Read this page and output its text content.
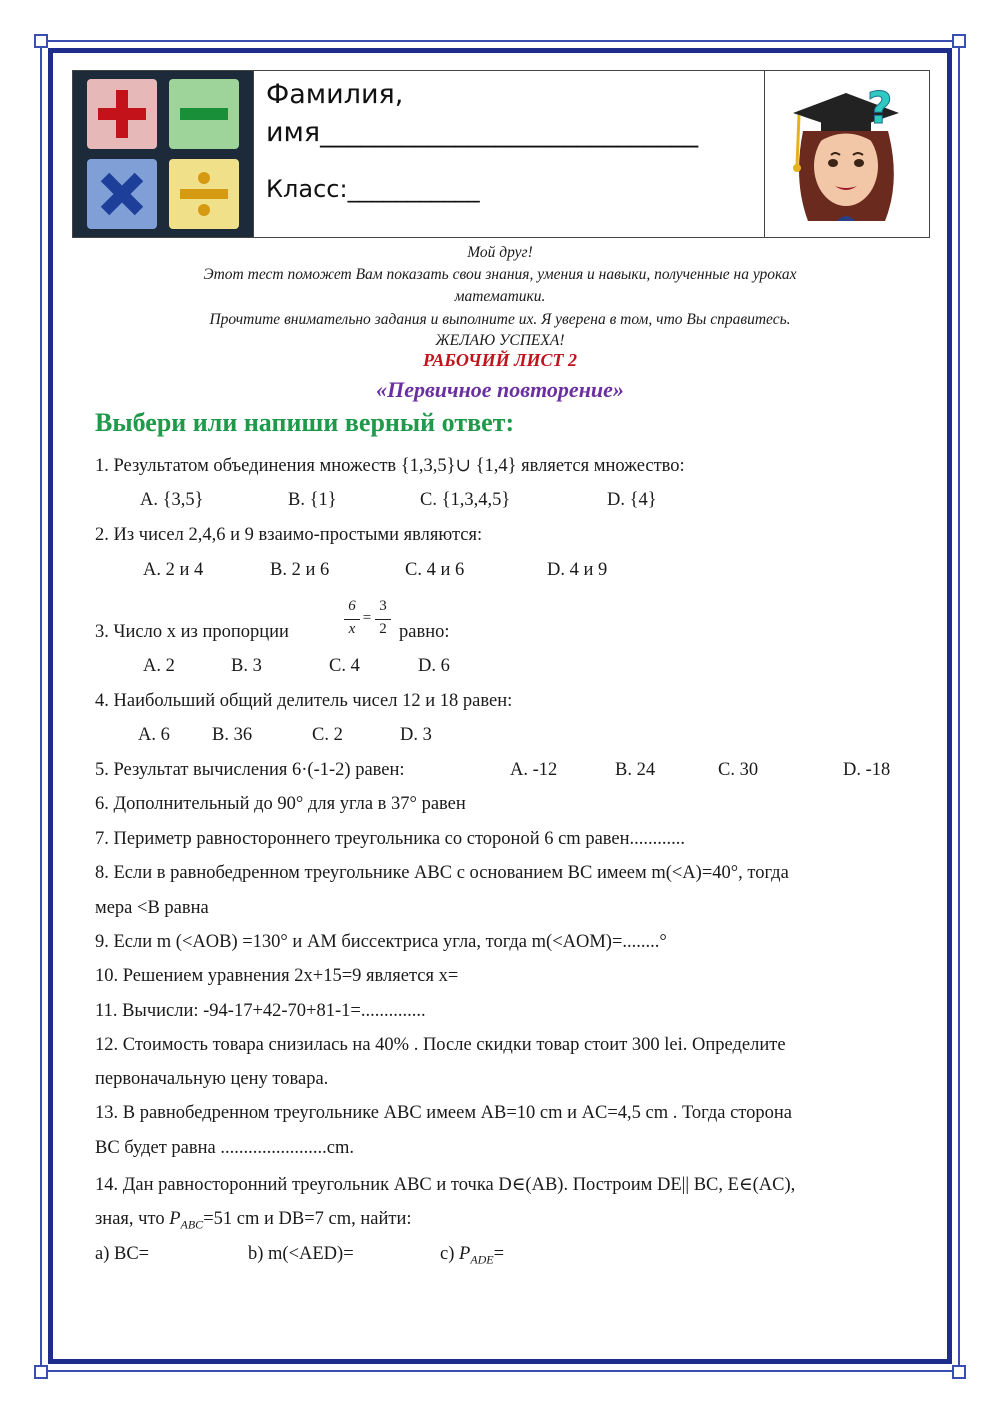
Фамилия,
имя____________________________
Класс:___________
?
Мой друг!
Этот тест поможет Вам показать свои знания, умения и навыки, полученные на уроках
математики.
Прочтите внимательно задания и выполните их. Я уверена в том, что Вы справитесь.
ЖЕЛАЮ УСПЕХА!
РАБОЧИЙ ЛИСТ 2
«Первичное повторение»
Выбери или напиши верный ответ:
1. Результатом объединения множеств {1,3,5}∪ {1,4} является множество:
A. {3,5}	B. {1}	C. {1,3,4,5}	D. {4}
2. Из чисел 2,4,6 и 9 взаимо-простыми являются:
A. 2 и 4	B. 2 и 6	C. 4 и 6	D. 4 и 9
3. Число x из пропорции
6
x
=
3
2 равно:
A. 2	B. 3	C. 4	D. 6
4. Наибольший общий делитель чисел 12 и 18 равен:
A. 6 B. 36	C. 2	D. 3
5. Результат вычисления 6·(-1-2) равен:	A. -12	B. 24	C. 30	D. -18
6. Дополнительный до 90° для угла в 37° равен
7. Периметр равностороннего треугольника со стороной 6 cm равен............
8. Если в равнобедренном треугольнике ABC с основанием BC имеем m(<A)=40°, тогда
мера <B равна
9. Если m (<AOB) =130° и AM биссектриса угла, тогда m(<AOM)=........°
10. Решением уравнения 2x+15=9 является x=
11. Вычисли: -94-17+42-70+81-1=..............
12. Стоимость товара снизилась на 40% . После скидки товар стоит 300 lei. Определите
первоначальную цену товара.
13. В равнобедренном треугольнике ABC имеем AB=10 cm и AC=4,5 cm . Тогда сторона
BC будет равна .......................cm.
14. Дан равносторонний треугольник ABC и точка D∈(AB). Построим DE|| BC, E∈(AC),
зная, что $P_{ABC}=51$ cm и DB=7 cm, найти:
a) BC=	b) m(<AED)=	c) $P_{ADE}=$
